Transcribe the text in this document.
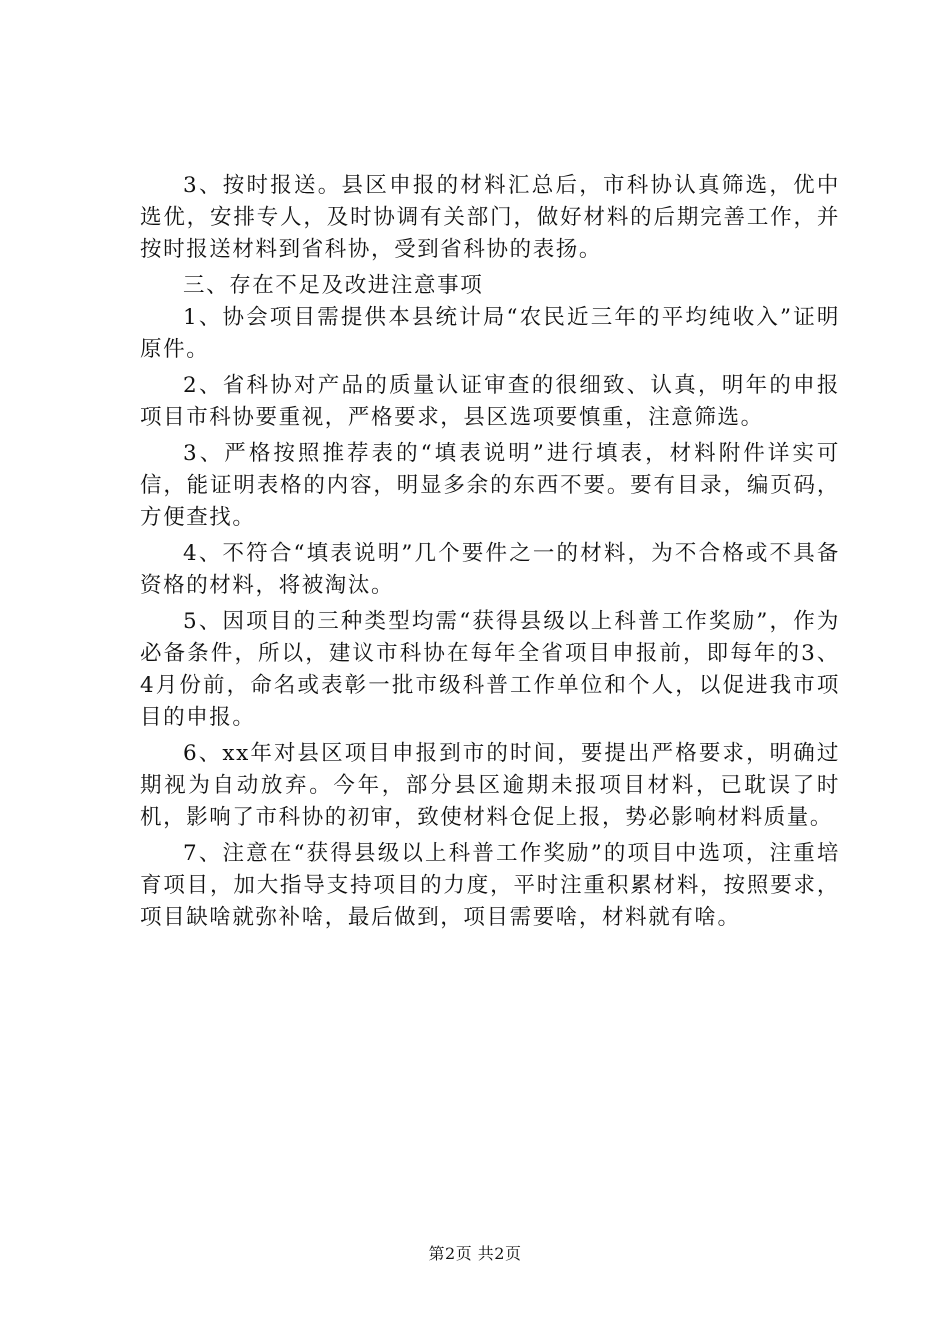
3、按时报送。县区申报的材料汇总后，市科协认真筛选，优中选优，安排专人，及时协调有关部门，做好材料的后期完善工作，并按时报送材料到省科协，受到省科协的表扬。

三、存在不足及改进注意事项

1、协会项目需提供本县统计局“农民近三年的平均纯收入”证明原件。

2、省科协对产品的质量认证审查的很细致、认真，明年的申报项目市科协要重视，严格要求，县区选项要慎重，注意筛选。

3、严格按照推荐表的“填表说明”进行填表，材料附件详实可信，能证明表格的内容，明显多余的东西不要。要有目录，编页码，方便查找。

4、不符合“填表说明”几个要件之一的材料，为不合格或不具备资格的材料，将被淘汰。

5、因项目的三种类型均需“获得县级以上科普工作奖励”，作为必备条件，所以，建议市科协在每年全省项目申报前，即每年的3、4月份前，命名或表彰一批市级科普工作单位和个人，以促进我市项目的申报。

6、xx年对县区项目申报到市的时间，要提出严格要求，明确过期视为自动放弃。今年，部分县区逾期未报项目材料，已耽误了时机，影响了市科协的初审，致使材料仓促上报，势必影响材料质量。

7、注意在“获得县级以上科普工作奖励”的项目中选项，注重培育项目，加大指导支持项目的力度，平时注重积累材料，按照要求，项目缺啥就弥补啥，最后做到，项目需要啥，材料就有啥。

第2页 共2页
